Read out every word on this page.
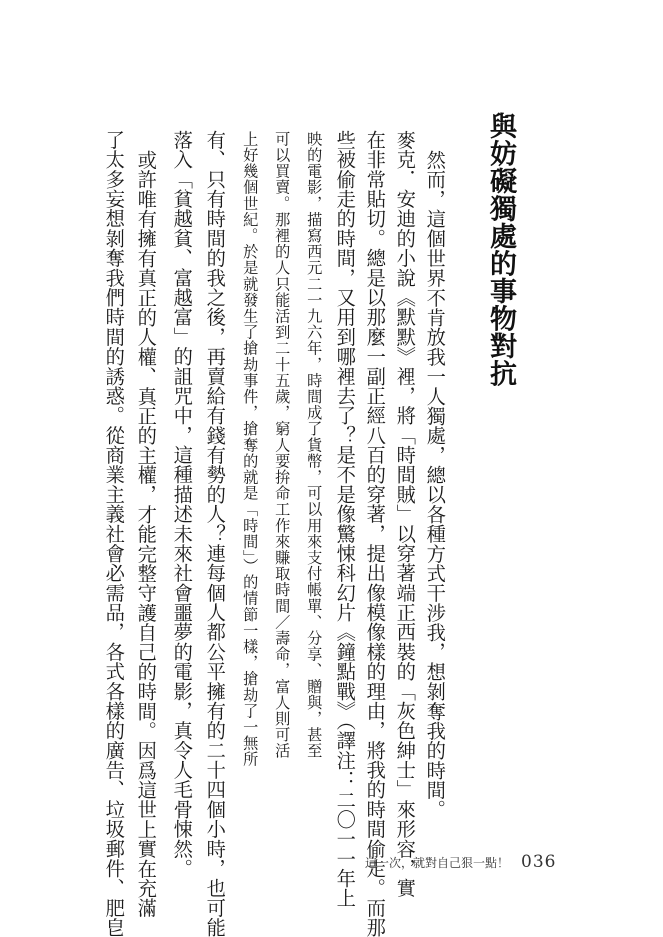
與妨礙獨處的事物對抗
然而，這個世界不肯放我一人獨處，總以各種方式干涉我，想剝奪我的時間。
麥克．安迪的小說《默默》裡，將「時間賊」以穿著端正西裝的「灰色紳士」來形容，實
在非常貼切。總是以那麼一副正經八百的穿著，提出像模像樣的理由，將我的時間偷走。而那
些被偷走的時間，又用到哪裡去了？是不是像驚悚科幻片《鐘點戰》（譯注：二〇一一年上
映的電影，描寫西元二一九六年，時間成了貨幣，可以用來支付帳單、分享、贈與，甚至
可以買賣。那裡的人只能活到二十五歲，窮人要拚命工作來賺取時間／壽命，富人則可活
上好幾個世紀。於是就發生了搶劫事件，搶奪的就是「時間」）的情節一樣，搶劫了一無所
有、只有時間的我之後，再賣給有錢有勢的人？連每個人都公平擁有的二十四個小時，也可能
落入「貧越貧、富越富」的詛咒中，這種描述未來社會噩夢的電影，真令人毛骨悚然。
或許唯有擁有真正的人權、真正的主權，才能完整守護自己的時間。因爲這世上實在充滿
了太多妄想剝奪我們時間的誘惑。從商業主義社會必需品，各式各樣的廣告、垃圾郵件、肥皀	這一次，就對自己狠一點！ 036
